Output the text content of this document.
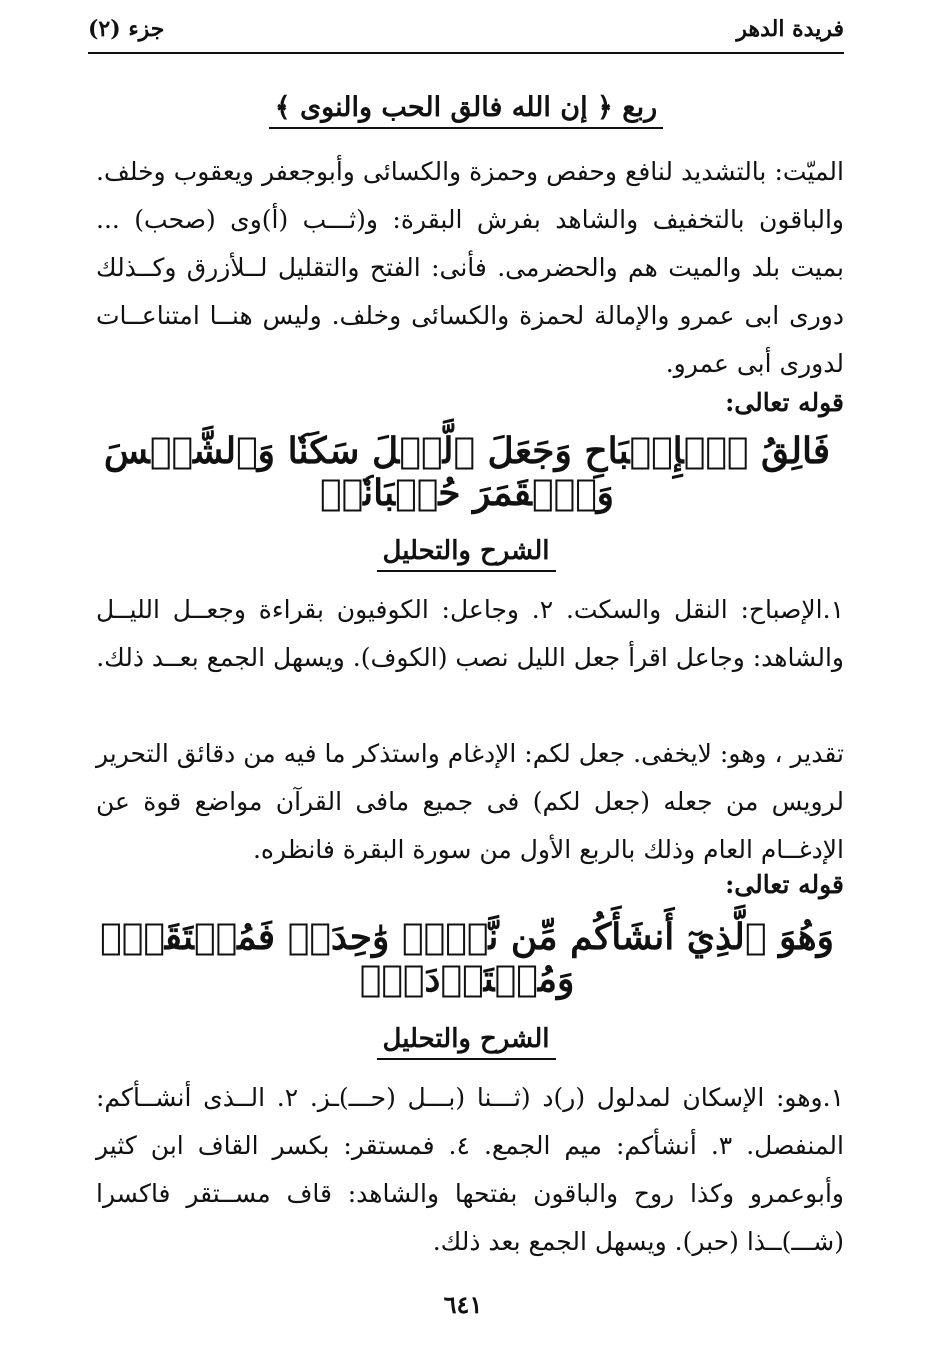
فريدة الدهر
جزء (٢)
ربع ﴿ إن الله فالق الحب والنوى ﴾

الميّت: بالتشديد لنافع وحفص وحمزة والكسائى وأبوجعفر ويعقوب وخلف. والباقون بالتخفيف والشاهد بفرش البقرة: و(ثـــب (أ)وى (صحب) ... بميت بلد والميت هم والحضرمى. فأنى: الفتح والتقليل لــلأزرق وكــذلك دورى ابى عمرو والإمالة لحمزة والكسائى وخلف. وليس هنــا امتناعــات لدورى أبى عمرو.

قوله تعالى:
فَالِقُ ٱلۡإِصۡبَاحِ وَجَعَلَ ٱلَّيۡلَ سَكَنٗا وَٱلشَّمۡسَ وَٱلۡقَمَرَ حُسۡبَانٗاۚ
الشرح والتحليل

١.الإصباح: النقل والسكت. ٢. وجاعل: الكوفيون بقراءة وجعــل الليــل والشاهد: وجاعل اقرأ جعل الليل نصب (الكوف). ويسهل الجمع بعــد ذلك.

تقدير ، وهو: لايخفى. جعل لكم: الإدغام واستذكر ما فيه من دقائق التحرير لرويس من جعله (جعل لكم) فى جميع مافى القرآن مواضع قوة عن الإدغــام العام وذلك بالربع الأول من سورة البقرة فانظره.

قوله تعالى:
وَهُوَ ٱلَّذِيٓ أَنشَأَكُم مِّن نَّفۡسٖ وَٰحِدَةٖ فَمُسۡتَقَرّٞ وَمُسۡتَوۡدَعٞۗ
الشرح والتحليل

١.وهو: الإسكان لمدلول (ر)د (ثـــنا (بـــل (حـــ)ـز. ٢. الــذى أنشــأكم: المنفصل. ٣. أنشأكم: ميم الجمع. ٤. فمستقر: بكسر القاف ابن كثير وأبوعمرو وكذا روح والباقون بفتحها والشاهد: قاف مســتقر فاكسرا (شـــ)ــذا (حبر). ويسهل الجمع بعد ذلك.

٦٤١
